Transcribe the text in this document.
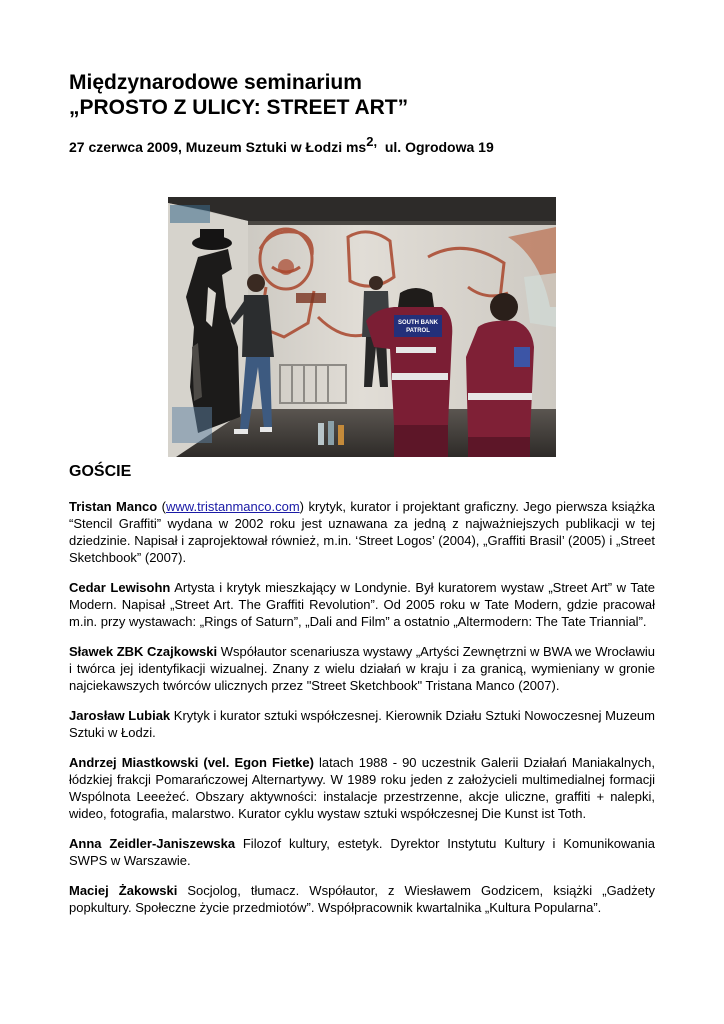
Międzynarodowe seminarium
„PROSTO Z ULICY: STREET ART”

27 czerwca 2009, Muzeum Sztuki w Łodzi $ms^{2,}$ ul. Ogrodowa 19

SOUTH BANK
PATROL
GOŚCIE

Tristan Manco (www.tristanmanco.com) krytyk, kurator i projektant graficzny. Jego pierwsza książka “Stencil Graffiti” wydana w 2002 roku jest uznawana za jedną z najważniejszych publikacji w tej dziedzinie. Napisał i zaprojektował również, m.in. ‘Street Logos’ (2004), „Graffiti Brasil’ (2005) i „Street Sketchbook” (2007).

Cedar Lewisohn Artysta i krytyk mieszkający w Londynie. Był kuratorem wystaw „Street Art” w Tate Modern. Napisał „Street Art. The Graffiti Revolution”. Od 2005 roku w Tate Modern, gdzie pracował m.in. przy wystawach: „Rings of Saturn”, „Dali and Film” a ostatnio „Altermodern: The Tate Triannial”.

Sławek ZBK Czajkowski Współautor scenariusza wystawy „Artyści Zewnętrzni w BWA we Wrocławiu i twórca jej identyfikacji wizualnej. Znany z wielu działań w kraju i za granicą, wymieniany w gronie najciekawszych twórców ulicznych przez "Street Sketchbook" Tristana Manco (2007).

Jarosław Lubiak Krytyk i kurator sztuki współczesnej. Kierownik Działu Sztuki Nowoczesnej Muzeum Sztuki w Łodzi.

Andrzej Miastkowski (vel. Egon Fietke) latach 1988 - 90 uczestnik Galerii Działań Maniakalnych, łódzkiej frakcji Pomarańczowej Alternartywy. W 1989 roku jeden z założycieli multimedialnej formacji Wspólnota Leeeżeć. Obszary aktywności: instalacje przestrzenne, akcje uliczne, graffiti + nalepki, wideo, fotografia, malarstwo. Kurator cyklu wystaw sztuki współczesnej Die Kunst ist Toth.

Anna Zeidler-Janiszewska Filozof kultury, estetyk. Dyrektor Instytutu Kultury i Komunikowania SWPS w Warszawie.

Maciej Żakowski Socjolog, tłumacz. Współautor, z Wiesławem Godzicem, książki „Gadżety popkultury. Społeczne życie przedmiotów”. Współpracownik kwartalnika „Kultura Popularna”.
